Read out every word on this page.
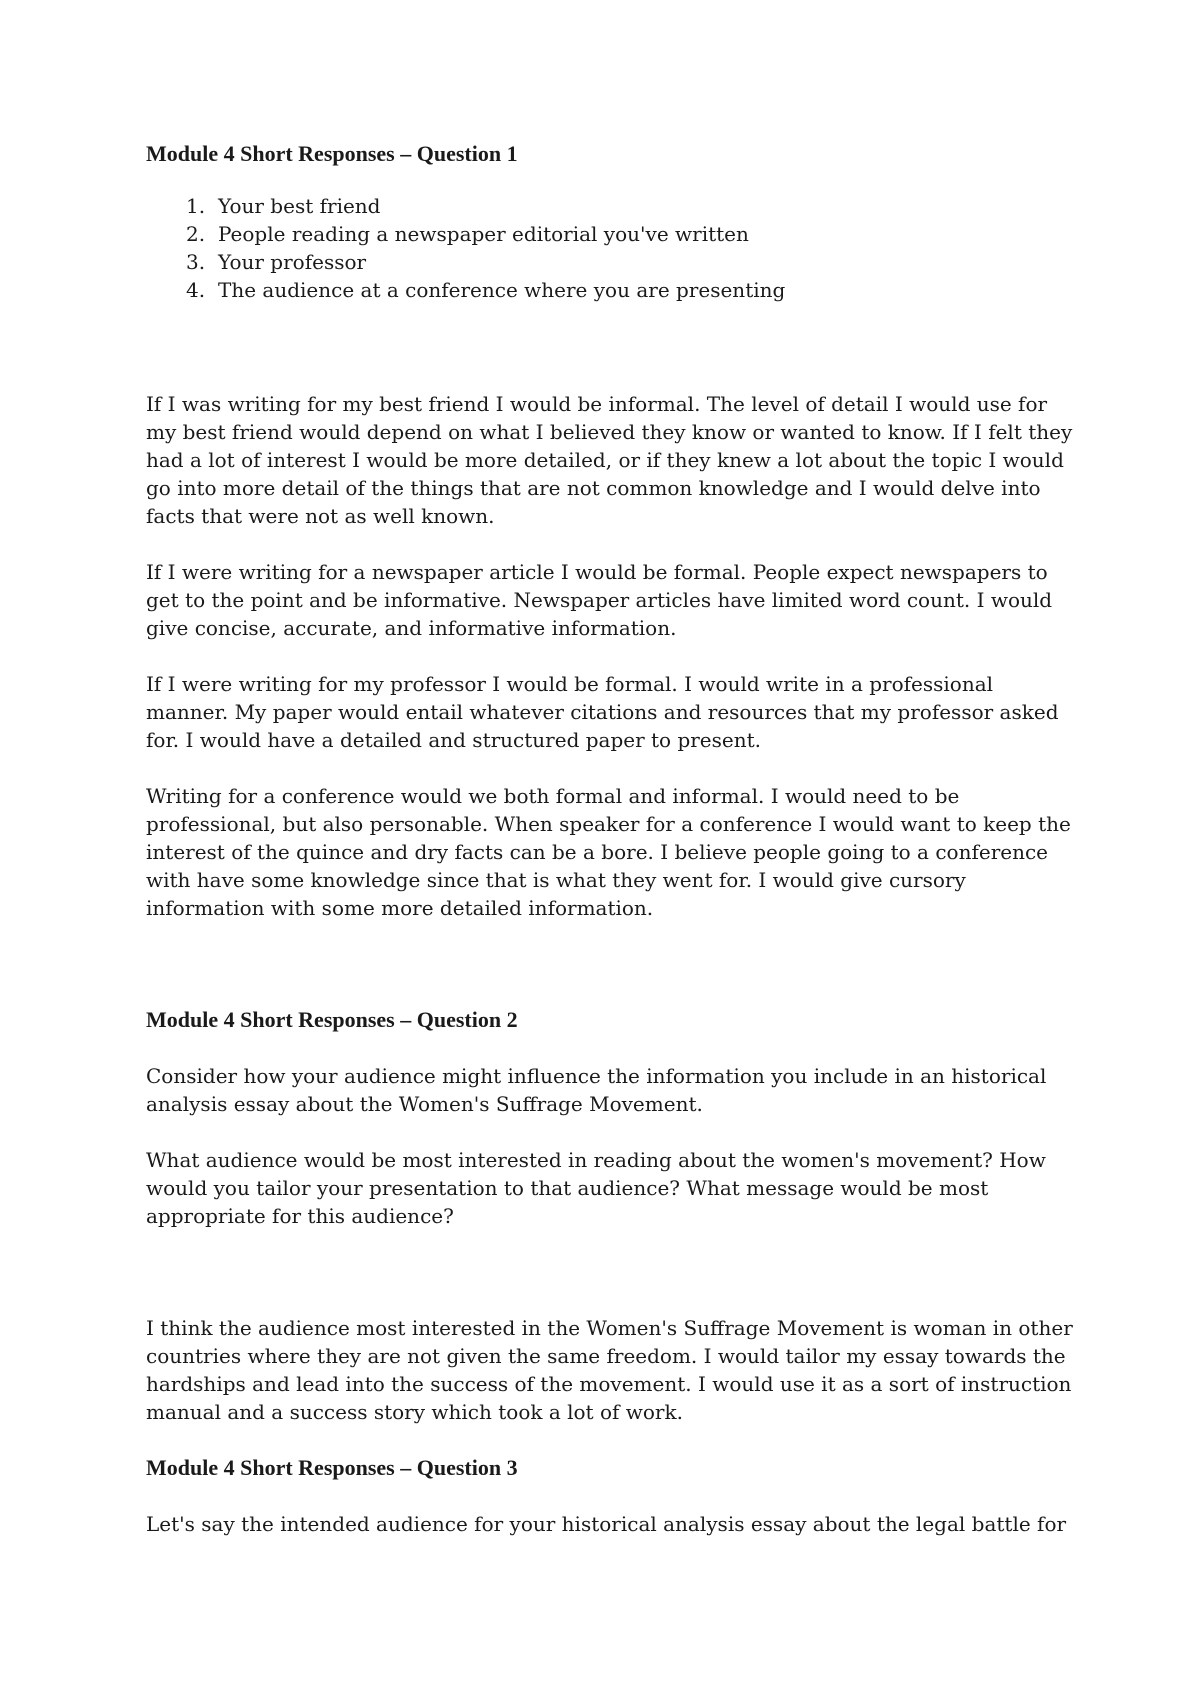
Module 4 Short Responses – Question 1
1. Your best friend
2. People reading a newspaper editorial you've written
3. Your professor
4. The audience at a conference where you are presenting

If I was writing for my best friend I would be informal. The level of detail I would use for my best friend would depend on what I believed they know or wanted to know. If I felt they had a lot of interest I would be more detailed, or if they knew a lot about the topic I would go into more detail of the things that are not common knowledge and I would delve into facts that were not as well known.

If I were writing for a newspaper article I would be formal. People expect newspapers to get to the point and be informative. Newspaper articles have limited word count. I would give concise, accurate, and informative information.

If I were writing for my professor I would be formal. I would write in a professional manner. My paper would entail whatever citations and resources that my professor asked for. I would have a detailed and structured paper to present.

Writing for a conference would we both formal and informal. I would need to be professional, but also personable. When speaker for a conference I would want to keep the interest of the quince and dry facts can be a bore. I believe people going to a conference with have some knowledge since that is what they went for. I would give cursory information with some more detailed information.

Module 4 Short Responses – Question 2

Consider how your audience might influence the information you include in an historical analysis essay about the Women's Suffrage Movement.

What audience would be most interested in reading about the women's movement? How would you tailor your presentation to that audience? What message would be most appropriate for this audience?

I think the audience most interested in the Women's Suffrage Movement is woman in other countries where they are not given the same freedom. I would tailor my essay towards the hardships and lead into the success of the movement. I would use it as a sort of instruction manual and a success story which took a lot of work.

Module 4 Short Responses – Question 3

Let's say the intended audience for your historical analysis essay about the legal battle for
